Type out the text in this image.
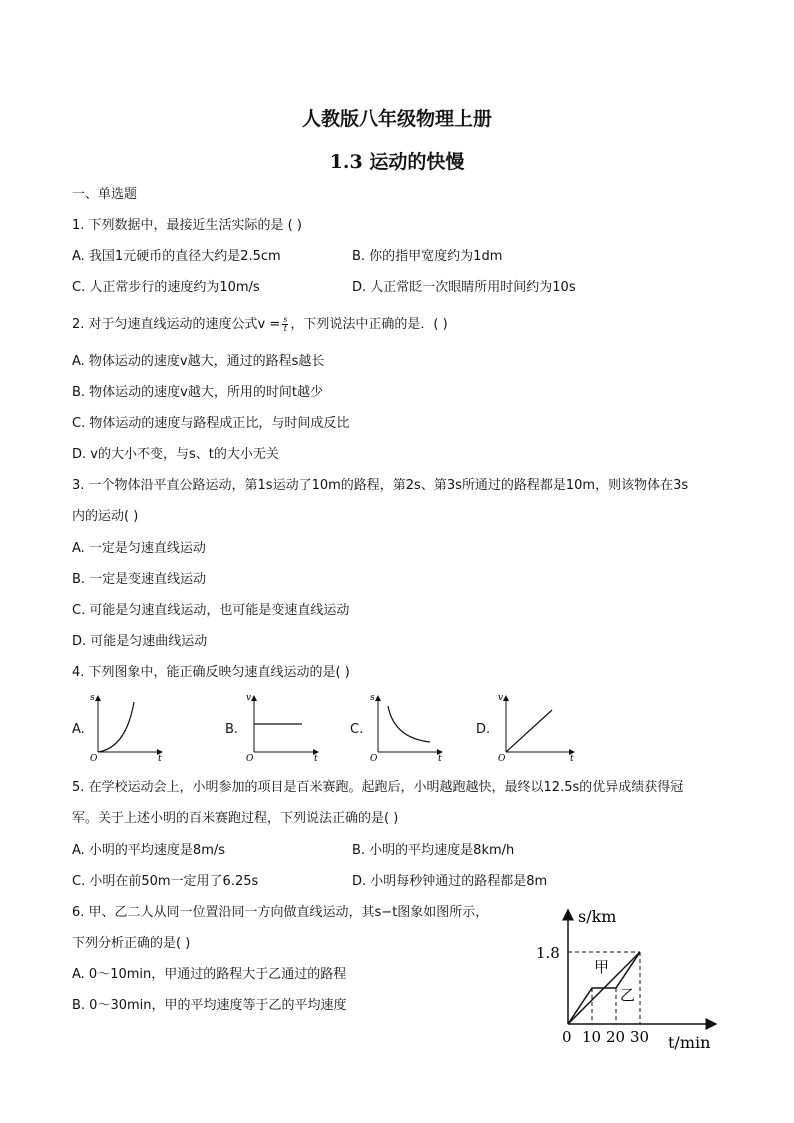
人教版八年级物理上册
1.3 运动的快慢
一、单选题
1. 下列数据中，最接近生活实际的是 ( )
A. 我国1元硬币的直径大约是2.5cm	B. 你的指甲宽度约为1dm
C. 人正常步行的速度约为10m/s	D. 人正常眨一次眼睛所用时间约为10s
2. 对于匀速直线运动的速度公式$v = \frac{s}{t}$ ，下列说法中正确的是．( )
A. 物体运动的速度v越大，通过的路程s越长
B. 物体运动的速度v越大，所用的时间t越少
C. 物体运动的速度与路程成正比，与时间成反比
D. v的大小不变，与s、t的大小无关
3. 一个物体沿平直公路运动，第1s运动了10m的路程，第2s、第3s所通过的路程都是10m，则该物体在3s
内的运动( )
A. 一定是匀速直线运动
B. 一定是变速直线运动
C. 可能是匀速直线运动，也可能是变速直线运动
D. 可能是匀速曲线运动
4. 下列图象中，能正确反映匀速直线运动的是( )
A.
s
O	t
B.
v
O	t
C.
s
O	t
D.
v
O	t
5. 在学校运动会上，小明参加的项目是百米赛跑。起跑后，小明越跑越快，最终以12.5s的优异成绩获得冠
军。关于上述小明的百米赛跑过程，下列说法正确的是( )
A. 小明的平均速度是8m/s	B. 小明的平均速度是8km/h
C. 小明在前50m一定用了6.25s	D. 小明每秒钟通过的路程都是8m
6. 甲、乙二人从同一位置沿同一方向做直线运动，其s−t图象如图所示，
下列分析正确的是( )
A. 0～10min，甲通过的路程大于乙通过的路程
B. 0～30min，甲的平均速度等于乙的平均速度
s/km
1.8
甲
乙
0 10 20 30 t/min
